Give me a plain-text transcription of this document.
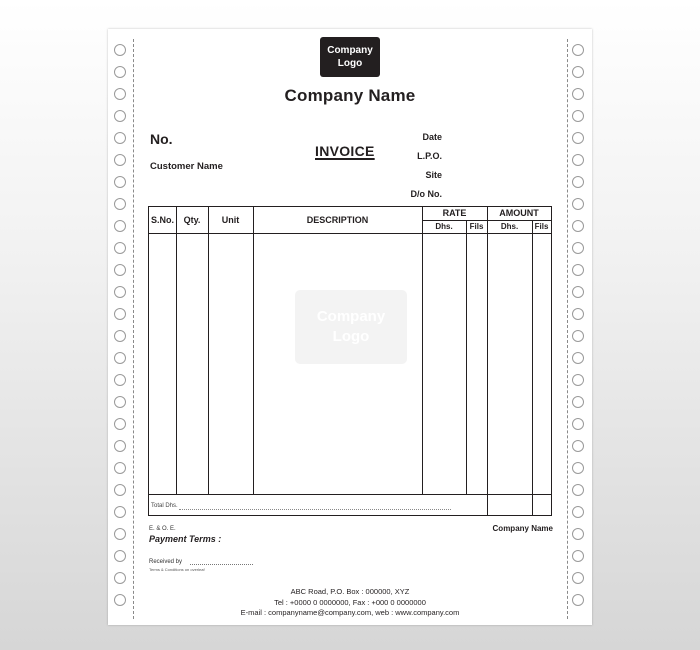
Company
Logo
Company Name
No.
Customer Name
INVOICE
Date
L.P.O.
Site
D/o No.
Company
Logo
S.No.	Qty.	Unit	DESCRIPTION
RATE	AMOUNT
Dhs.	Fils	Dhs.	Fils
Total Dhs.
E. & O. E.
Payment Terms :
Company Name
Received by
Terms & Conditions on overleaf
ABC Road, P.O. Box : 000000, XYZ
Tel : +0000 0 0000000, Fax : +000 0 0000000
E-mail : companyname@company.com, web : www.company.com
